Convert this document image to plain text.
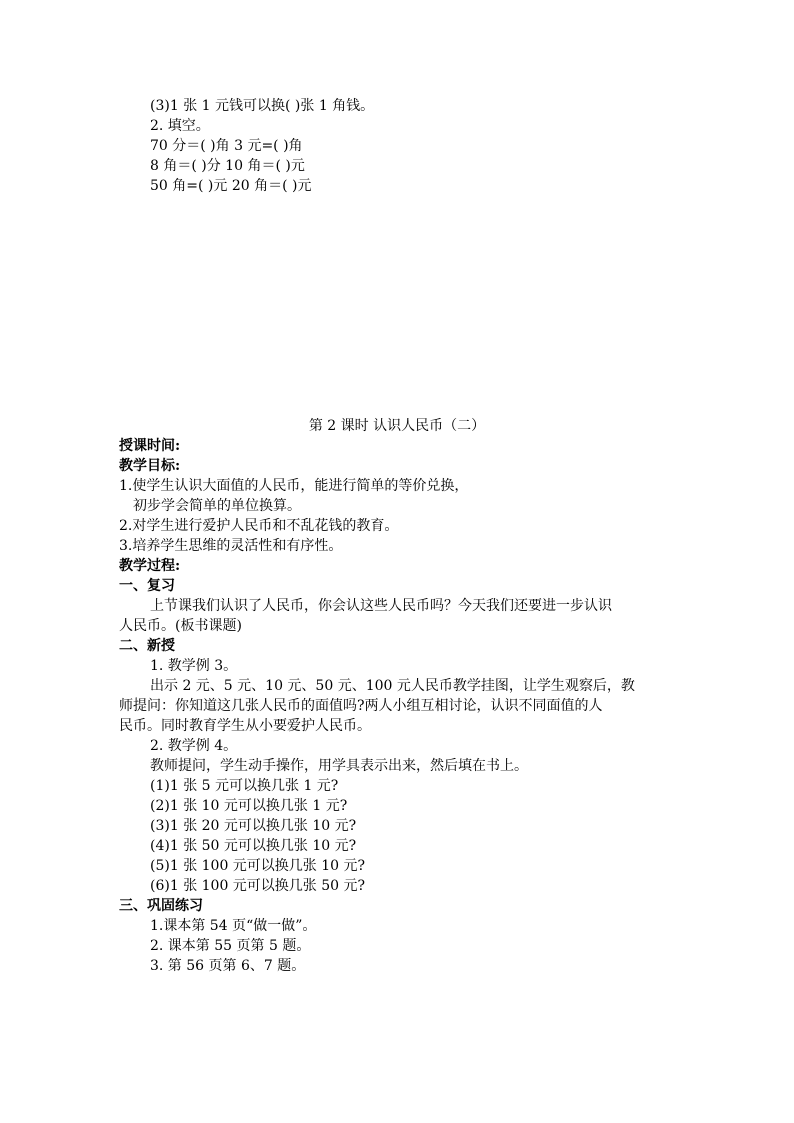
(3)1 张 1 元钱可以换( )张 1 角钱。
2. 填空。
70 分＝( )角 3 元=( )角
8 角＝( )分 10 角＝( )元
50 角=( )元 20 角＝( )元
第 2 课时 认识人民币（二）
授课时间:
教学目标:
1.使学生认识大面值的人民币，能进行简单的等价兑换，
初步学会简单的单位换算。
2.对学生进行爱护人民币和不乱花钱的教育。
3.培养学生思维的灵活性和有序性。
教学过程:
一、复习
上节课我们认识了人民币，你会认这些人民币吗？今天我们还要进一步认识
人民币。(板书课题)
二、新授
1. 教学例 3。
出示 2 元、5 元、10 元、50 元、100 元人民币教学挂图，让学生观察后，教
师提问：你知道这几张人民币的面值吗?两人小组互相讨论，认识不同面值的人
民币。同时教育学生从小要爱护人民币。
2. 教学例 4。
教师提问，学生动手操作，用学具表示出来，然后填在书上。
(1)1 张 5 元可以换几张 1 元?
(2)1 张 10 元可以换几张 1 元?
(3)1 张 20 元可以换几张 10 元?
(4)1 张 50 元可以换几张 10 元?
(5)1 张 100 元可以换几张 10 元?
(6)1 张 100 元可以换几张 50 元?
三、巩固练习
1.课本第 54 页“做一做”。
2. 课本第 55 页第 5 题。
3. 第 56 页第 6、7 题。
